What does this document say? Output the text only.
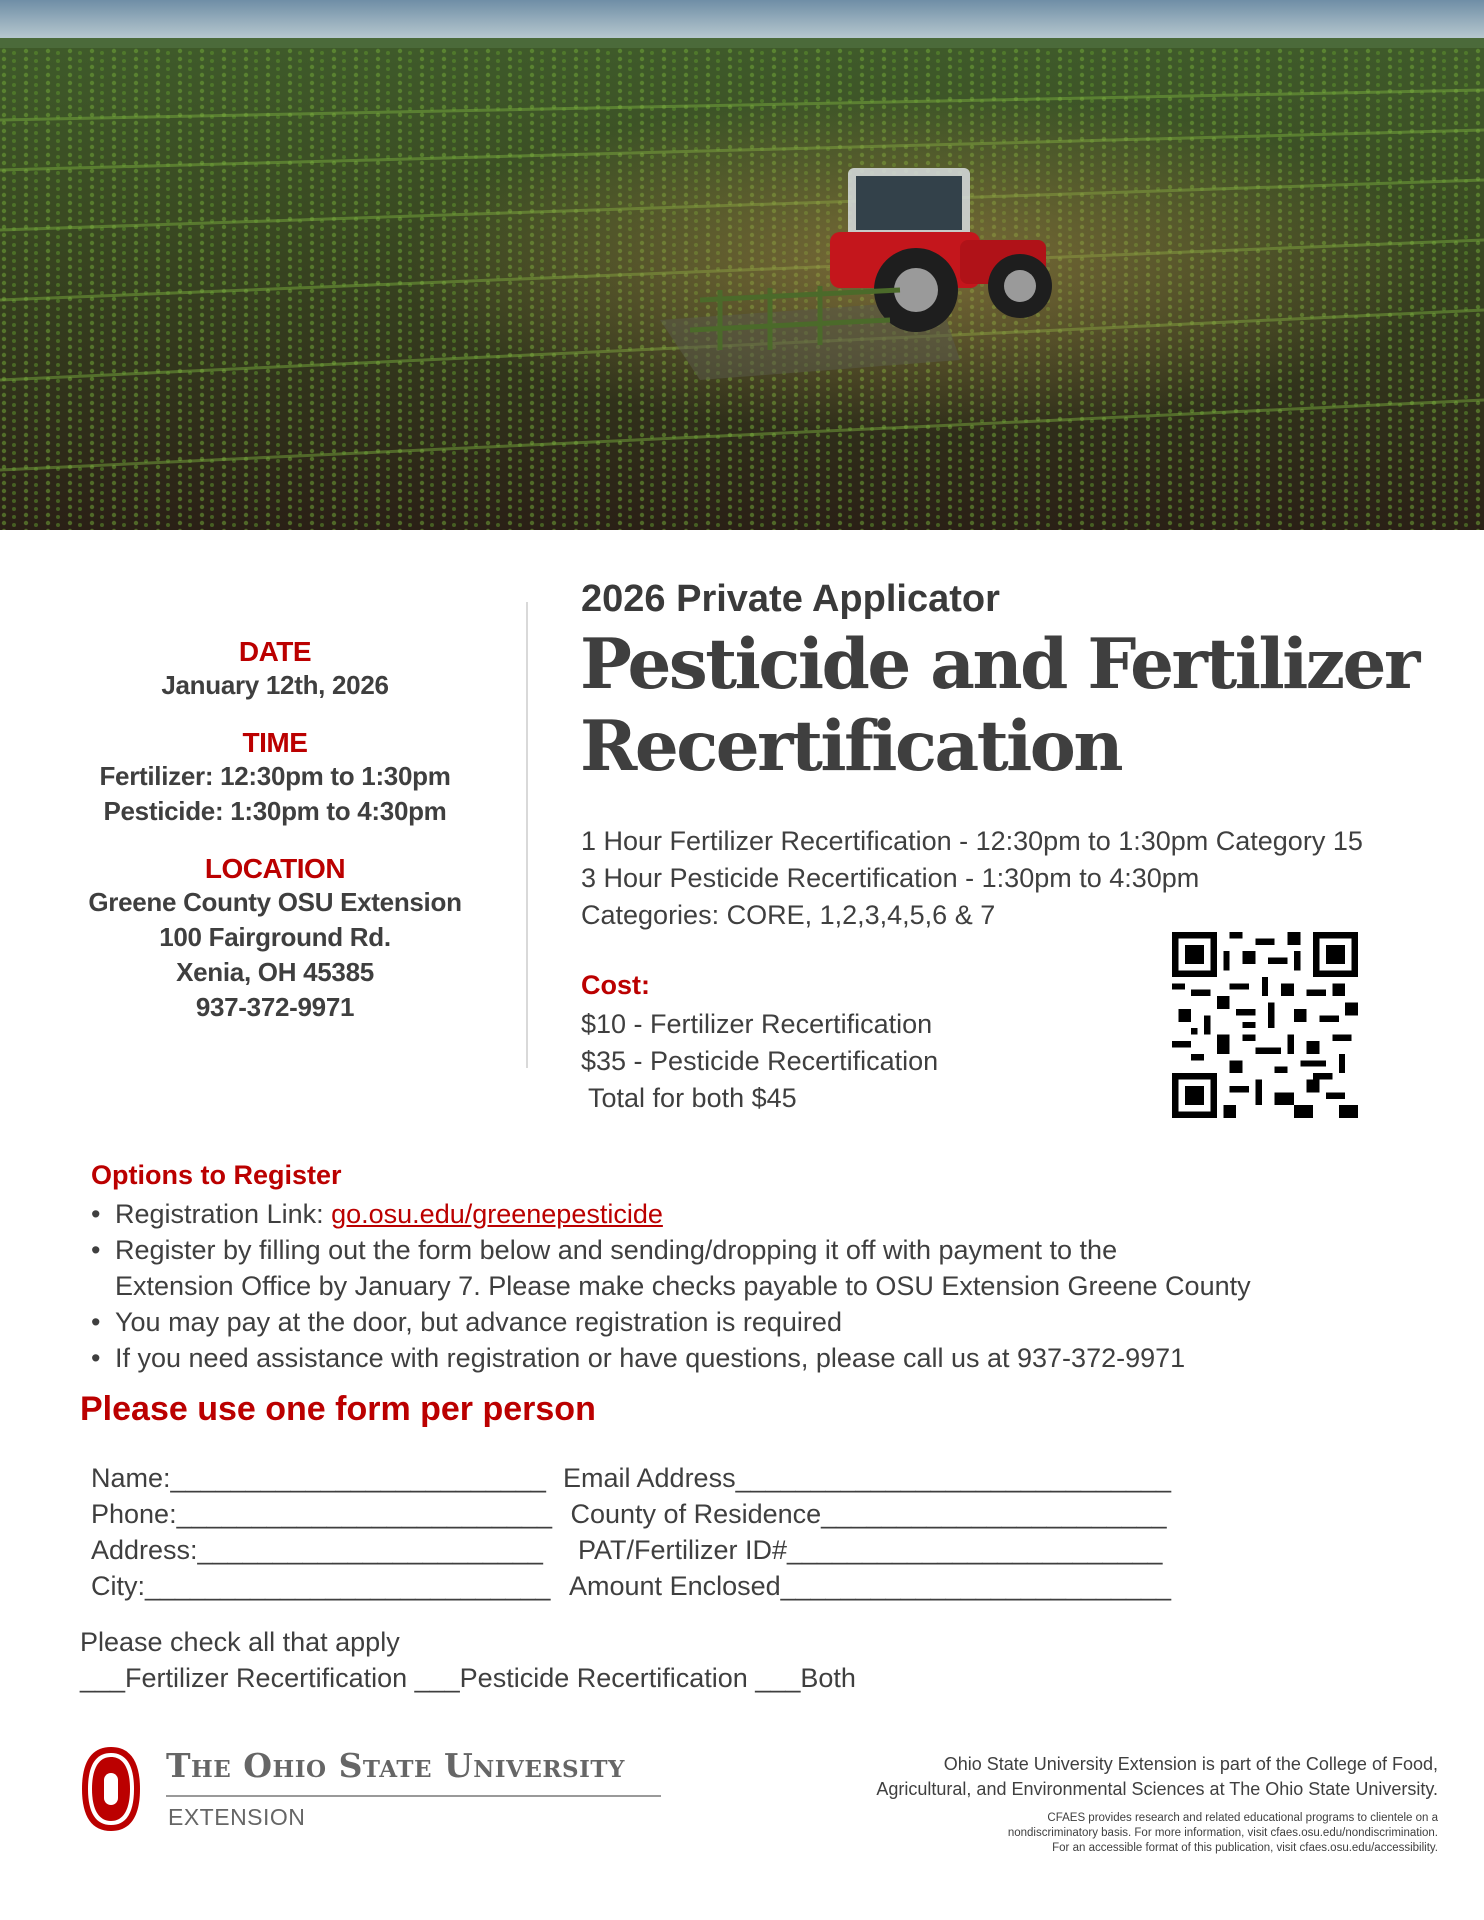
DATE
January 12th, 2026
TIME
Fertilizer: 12:30pm to 1:30pm
Pesticide: 1:30pm to 4:30pm
LOCATION
Greene County OSU Extension
100 Fairground Rd.
Xenia, OH 45385
937-372-9971
2026 Private Applicator
Pesticide and Fertilizer
Recertification
1 Hour Fertilizer Recertification - 12:30pm to 1:30pm Category 15
3 Hour Pesticide Recertification - 1:30pm to 4:30pm
Categories: CORE, 1,2,3,4,5,6 & 7
Cost:
$10 - Fertilizer Recertification
$35 - Pesticide Recertification
Total for both $45
Options to Register
• Registration Link: go.osu.edu/greenepesticide
• Register by filling out the form below and sending/dropping it off with payment to the
Extension Office by January 7. Please make checks payable to OSU Extension Greene County
• You may pay at the door, but advance registration is required
• If you need assistance with registration or have questions, please call us at 937-372-9971
Please use one form per person
Name:_________________________ Email Address_____________________________
Phone:_________________________ County of Residence_______________________
Address:_______________________ PAT/Fertilizer ID#_________________________
City:___________________________ Amount Enclosed__________________________
Please check all that apply
___Fertilizer Recertification ___Pesticide Recertification ___Both
The Ohio State University
EXTENSION
Ohio State University Extension is part of the College of Food,
Agricultural, and Environmental Sciences at The Ohio State University.
CFAES provides research and related educational programs to clientele on a
nondiscriminatory basis. For more information, visit cfaes.osu.edu/nondiscrimination.
For an accessible format of this publication, visit cfaes.osu.edu/accessibility.
